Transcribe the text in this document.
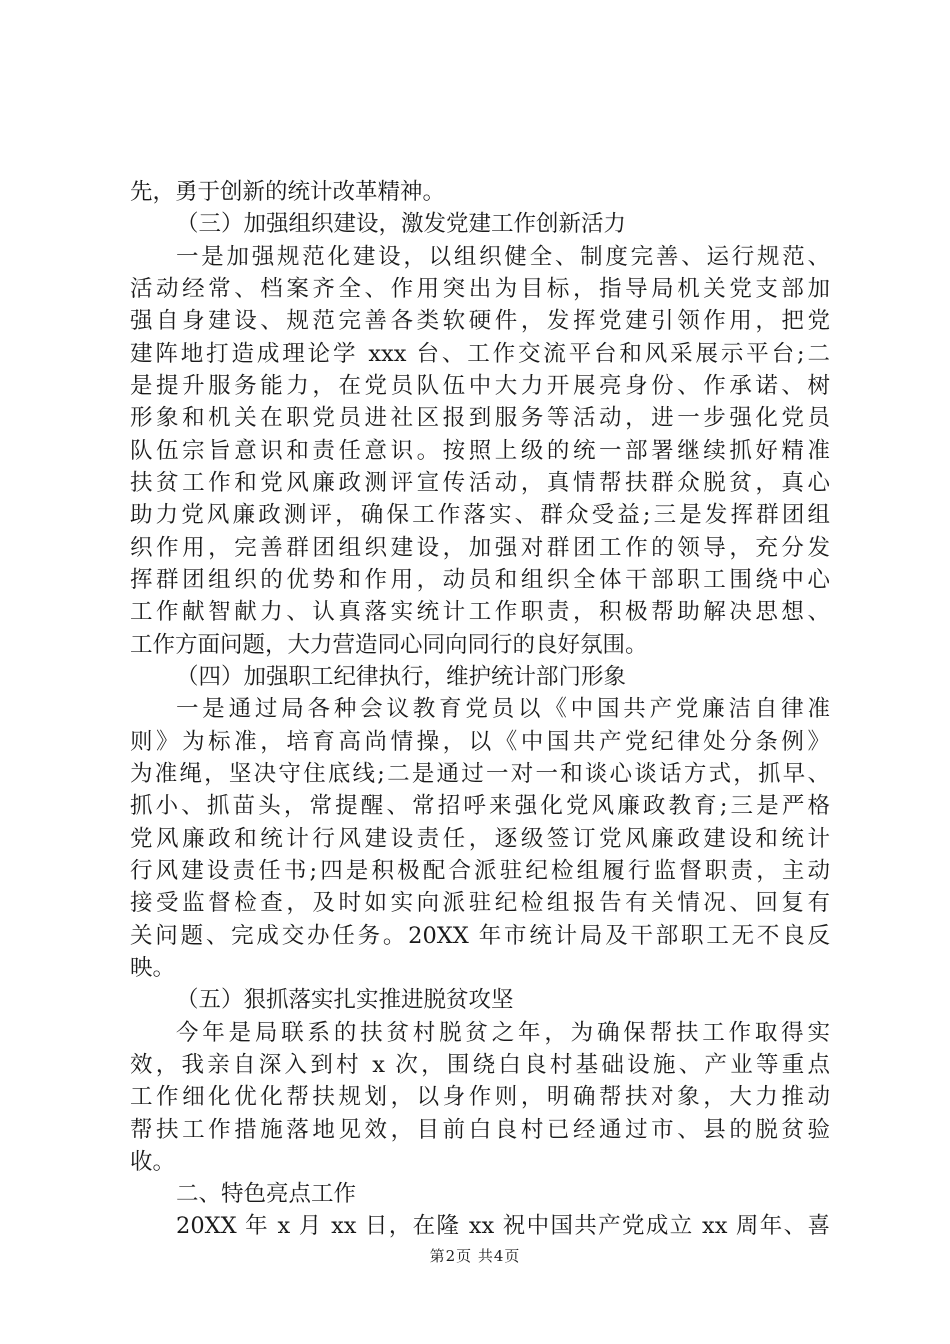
先，勇于创新的统计改革精神。
（三）加强组织建设，激发党建工作创新活力
一是加强规范化建设，以组织健全、制度完善、运行规范、
活动经常、档案齐全、作用突出为目标，指导局机关党支部加
强自身建设、规范完善各类软硬件，发挥党建引领作用，把党
建阵地打造成理论学 xxx 台、工作交流平台和风采展示平台;二
是提升服务能力，在党员队伍中大力开展亮身份、作承诺、树
形象和机关在职党员进社区报到服务等活动，进一步强化党员
队伍宗旨意识和责任意识。按照上级的统一部署继续抓好精准
扶贫工作和党风廉政测评宣传活动，真情帮扶群众脱贫，真心
助力党风廉政测评，确保工作落实、群众受益;三是发挥群团组
织作用，完善群团组织建设，加强对群团工作的领导，充分发
挥群团组织的优势和作用，动员和组织全体干部职工围绕中心
工作献智献力、认真落实统计工作职责，积极帮助解决思想、
工作方面问题，大力营造同心同向同行的良好氛围。
（四）加强职工纪律执行，维护统计部门形象
一是通过局各种会议教育党员以《中国共产党廉洁自律准
则》为标准，培育高尚情操，以《中国共产党纪律处分条例》
为准绳，坚决守住底线;二是通过一对一和谈心谈话方式，抓早、
抓小、抓苗头，常提醒、常招呼来强化党风廉政教育;三是严格
党风廉政和统计行风建设责任，逐级签订党风廉政建设和统计
行风建设责任书;四是积极配合派驻纪检组履行监督职责，主动
接受监督检查，及时如实向派驻纪检组报告有关情况、回复有
关问题、完成交办任务。20XX 年市统计局及干部职工无不良反
映。
（五）狠抓落实扎实推进脱贫攻坚
今年是局联系的扶贫村脱贫之年，为确保帮扶工作取得实
效，我亲自深入到村 x 次，围绕白良村基础设施、产业等重点
工作细化优化帮扶规划，以身作则，明确帮扶对象，大力推动
帮扶工作措施落地见效，目前白良村已经通过市、县的脱贫验
收。
二、特色亮点工作
20XX 年 x 月 xx 日，在隆 xx 祝中国共产党成立 xx 周年、喜
第2页 共4页
